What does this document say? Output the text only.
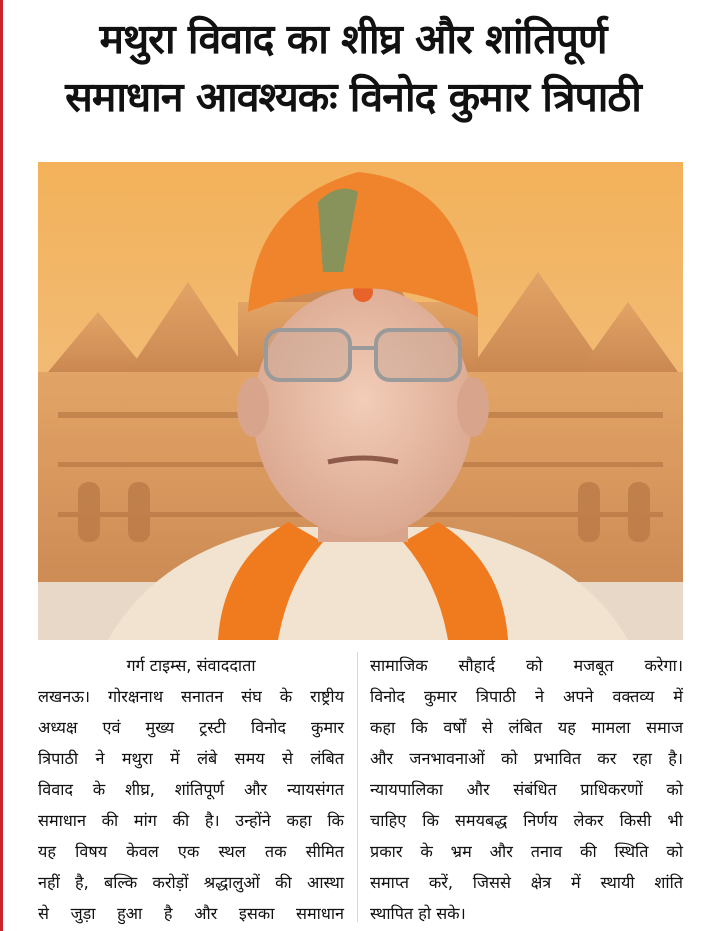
मथुरा विवाद का शीघ्र और शांतिपूर्ण
समाधान आवश्यकः विनोद कुमार त्रिपाठी

गर्ग टाइम्स, संवाददाता

लखनऊ। गोरक्षनाथ सनातन संघ के राष्ट्रीय

अध्यक्ष एवं मुख्य ट्रस्टी विनोद कुमार

त्रिपाठी ने मथुरा में लंबे समय से लंबित

विवाद के शीघ्र, शांतिपूर्ण और न्यायसंगत

समाधान की मांग की है। उन्होंने कहा कि

यह विषय केवल एक स्थल तक सीमित

नहीं है, बल्कि करोड़ों श्रद्धालुओं की आस्था

से जुड़ा हुआ है और इसका समाधान

सामाजिक सौहार्द को मजबूत करेगा।

विनोद कुमार त्रिपाठी ने अपने वक्तव्य में

कहा कि वर्षों से लंबित यह मामला समाज

और जनभावनाओं को प्रभावित कर रहा है।

न्यायपालिका और संबंधित प्राधिकरणों को

चाहिए कि समयबद्ध निर्णय लेकर किसी भी

प्रकार के भ्रम और तनाव की स्थिति को

समाप्त करें, जिससे क्षेत्र में स्थायी शांति

स्थापित हो सके।
